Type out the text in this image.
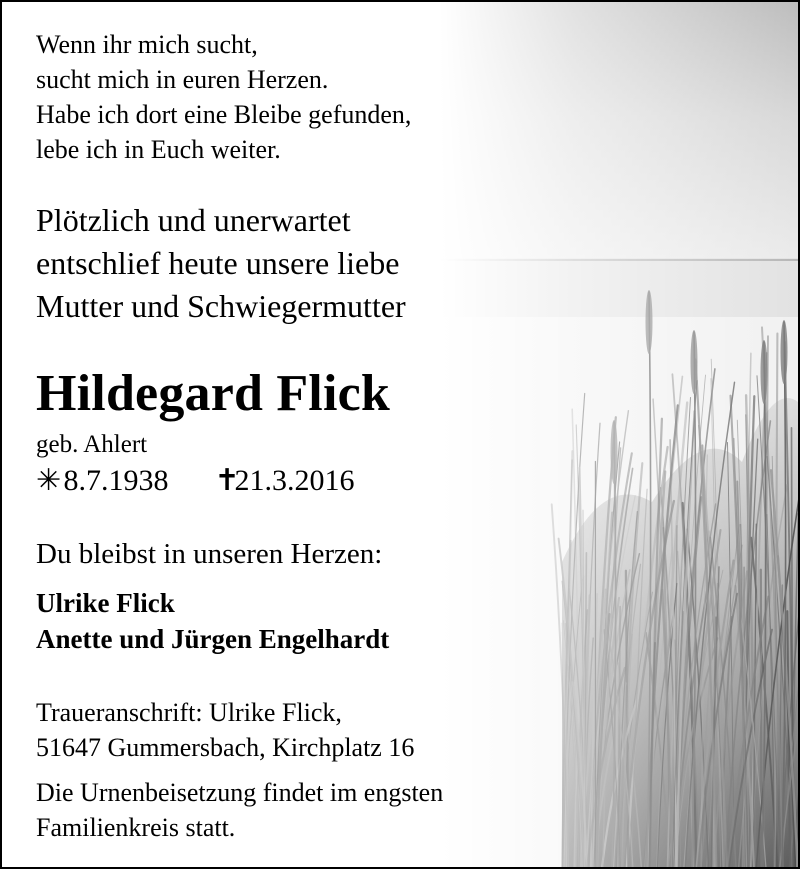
Wenn ihr mich sucht,

sucht mich in euren Herzen.

Habe ich dort eine Bleibe gefunden,

lebe ich in Euch weiter.

Plötzlich und unerwartet

entschlief heute unsere liebe

Mutter und Schwiegermutter

Hildegard Flick

geb. Ahlert

✳ 8.7.1938 ✝21.3.2016

Du bleibst in unseren Herzen:

Ulrike Flick

Anette und Jürgen Engelhardt

Traueranschrift: Ulrike Flick,

51647 Gummersbach, Kirchplatz 16

Die Urnenbeisetzung findet im engsten

Familienkreis statt.
